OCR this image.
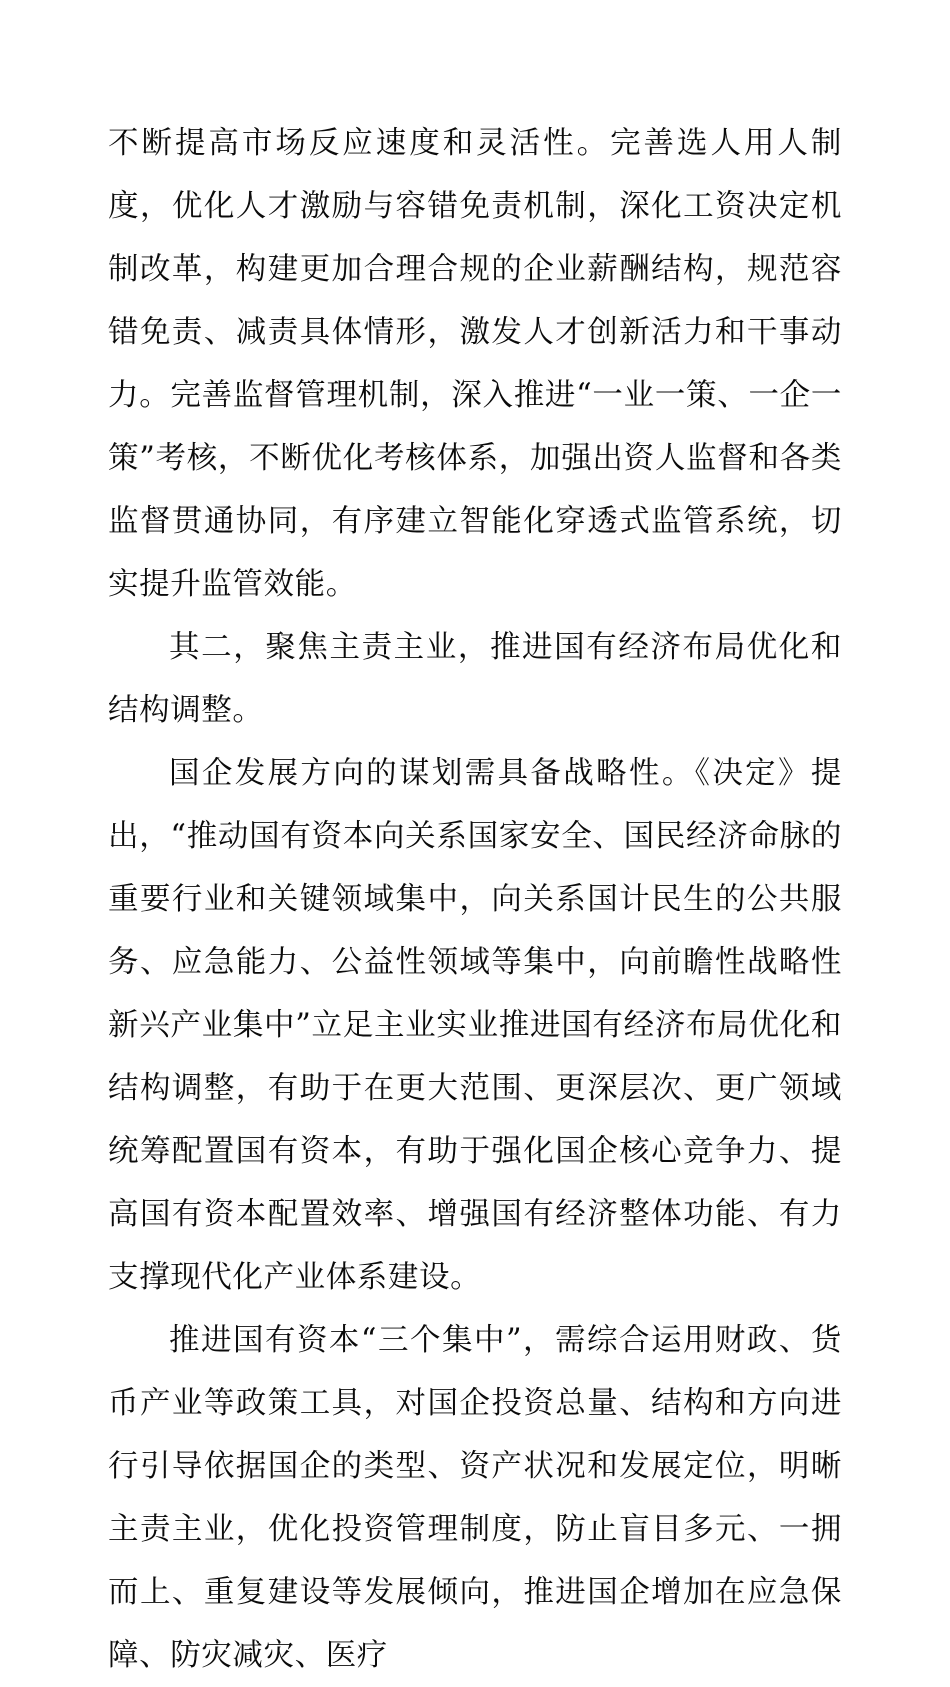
不断提高市场反应速度和灵活性。完善选人用人制度，优化人才激励与容错免责机制，深化工资决定机制改革，构建更加合理合规的企业薪酬结构，规范容错免责、减责具体情形，激发人才创新活力和干事动力。完善监督管理机制，深入推进“一业一策、一企一策”考核，不断优化考核体系，加强出资人监督和各类监督贯通协同，有序建立智能化穿透式监管系统，切实提升监管效能。

其二，聚焦主责主业，推进国有经济布局优化和结构调整。

国企发展方向的谋划需具备战略性。《决定》提出，“推动国有资本向关系国家安全、国民经济命脉的重要行业和关键领域集中，向关系国计民生的公共服务、应急能力、公益性领域等集中，向前瞻性战略性新兴产业集中”立足主业实业推进国有经济布局优化和结构调整，有助于在更大范围、更深层次、更广领域统筹配置国有资本，有助于强化国企核心竞争力、提高国有资本配置效率、增强国有经济整体功能、有力支撑现代化产业体系建设。

推进国有资本“三个集中”，需综合运用财政、货币产业等政策工具，对国企投资总量、结构和方向进行引导依据国企的类型、资产状况和发展定位，明晰主责主业，优化投资管理制度，防止盲目多元、一拥而上、重复建设等发展倾向，推进国企增加在应急保障、防灾减灾、医疗
